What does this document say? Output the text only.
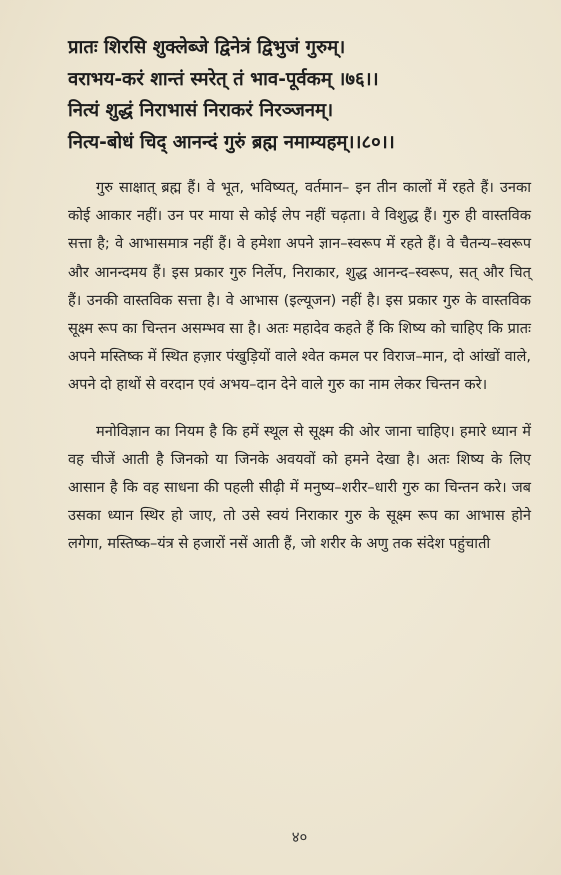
प्रातः शिरसि शुक्लेब्जे द्विनेत्रं द्विभुजं गुरुम्।
वराभय-करं शान्तं स्मरेत् तं भाव-पूर्वकम् ।७६।।
नित्यं शुद्धं निराभासं निराकरं निरञ्जनम्।
नित्य-बोधं चिद् आनन्दं गुरुं ब्रह्म नमाम्यहम्।।८०।।

गुरु साक्षात् ब्रह्म हैं। वे भूत, भविष्यत्, वर्तमान– इन तीन कालों में रहते हैं। उनका कोई आकार नहीं। उन पर माया से कोई लेप नहीं चढ़ता। वे विशुद्ध हैं। गुरु ही वास्तविक सत्ता है; वे आभासमात्र नहीं हैं। वे हमेशा अपने ज्ञान–स्वरूप में रहते हैं। वे चैतन्य–स्वरूप और आनन्दमय हैं। इस प्रकार गुरु निर्लेप, निराकार, शुद्ध आनन्द–स्वरूप, सत् और चित् हैं। उनकी वास्तविक सत्ता है। वे आभास (इल्यूजन) नहीं है। इस प्रकार गुरु के वास्तविक सूक्ष्म रूप का चिन्तन असम्भव सा है। अतः महादेव कहते हैं कि शिष्य को चाहिए कि प्रातः अपने मस्तिष्क में स्थित हज़ार पंखुड़ियों वाले श्वेत कमल पर विराज–मान, दो आंखों वाले, अपने दो हाथों से वरदान एवं अभय–दान देने वाले गुरु का नाम लेकर चिन्तन करे।

मनोविज्ञान का नियम है कि हमें स्थूल से सूक्ष्म की ओर जाना चाहिए। हमारे ध्यान में वह चीजें आती है जिनको या जिनके अवयवों को हमने देखा है। अतः शिष्य के लिए आसान है कि वह साधना की पहली सीढ़ी में मनुष्य–शरीर–धारी गुरु का चिन्तन करे। जब उसका ध्यान स्थिर हो जाए, तो उसे स्वयं निराकार गुरु के सूक्ष्म रूप का आभास होने लगेगा, मस्तिष्क–यंत्र से हजारों नसें आती हैं, जो शरीर के अणु तक संदेश पहुंचाती

४०
